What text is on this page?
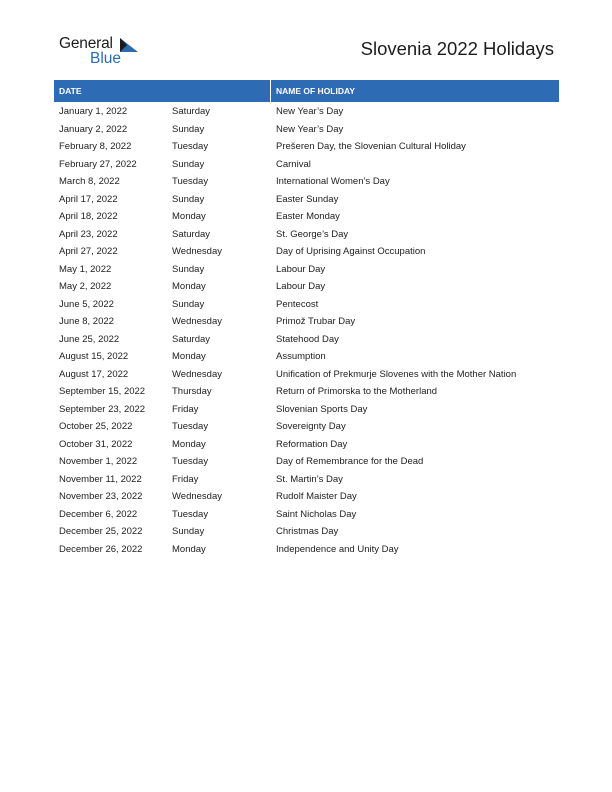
General
Blue	Slovenia 2022 Holidays
DATE	NAME OF HOLIDAY
January 1, 2022	Saturday	New Year’s Day
January 2, 2022	Sunday	New Year’s Day
February 8, 2022	Tuesday	Prešeren Day, the Slovenian Cultural Holiday
February 27, 2022	Sunday	Carnival
March 8, 2022	Tuesday	International Women’s Day
April 17, 2022	Sunday	Easter Sunday
April 18, 2022	Monday	Easter Monday
April 23, 2022	Saturday	St. George’s Day
April 27, 2022	Wednesday	Day of Uprising Against Occupation
May 1, 2022	Sunday	Labour Day
May 2, 2022	Monday	Labour Day
June 5, 2022	Sunday	Pentecost
June 8, 2022	Wednesday	Primož Trubar Day
June 25, 2022	Saturday	Statehood Day
August 15, 2022	Monday	Assumption
August 17, 2022	Wednesday	Unification of Prekmurje Slovenes with the Mother Nation
September 15, 2022	Thursday	Return of Primorska to the Motherland
September 23, 2022	Friday	Slovenian Sports Day
October 25, 2022	Tuesday	Sovereignty Day
October 31, 2022	Monday	Reformation Day
November 1, 2022	Tuesday	Day of Remembrance for the Dead
November 11, 2022	Friday	St. Martin’s Day
November 23, 2022	Wednesday	Rudolf Maister Day
December 6, 2022	Tuesday	Saint Nicholas Day
December 25, 2022	Sunday	Christmas Day
December 26, 2022	Monday	Independence and Unity Day
